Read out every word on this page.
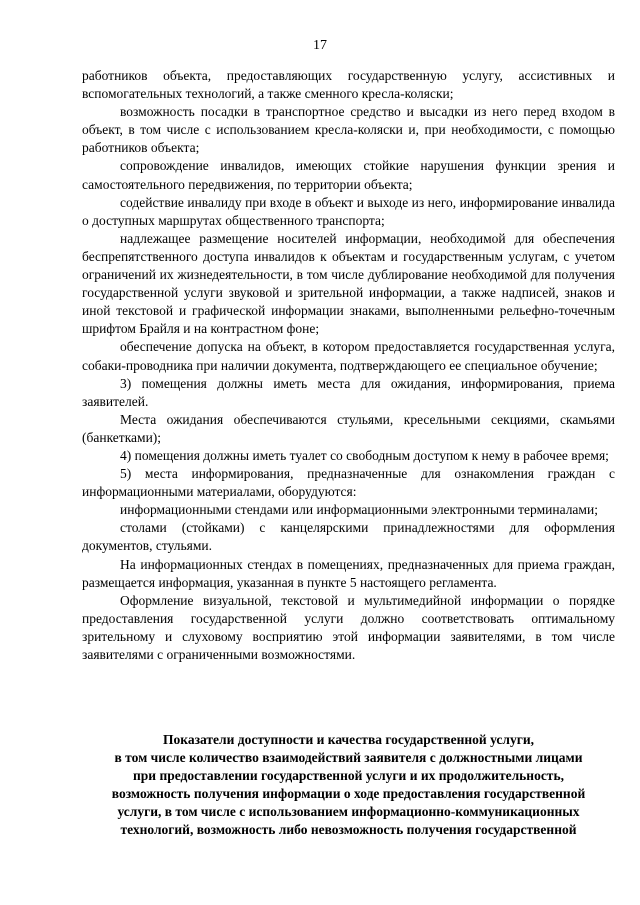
17

работников объекта, предоставляющих государственную услугу, ассистивных и вспомогательных технологий, а также сменного кресла-коляски;

возможность посадки в транспортное средство и высадки из него перед входом в объект, в том числе с использованием кресла-коляски и, при необходимости, с помощью работников объекта;

сопровождение инвалидов, имеющих стойкие нарушения функции зрения и самостоятельного передвижения, по территории объекта;

содействие инвалиду при входе в объект и выходе из него, информирование инвалида о доступных маршрутах общественного транспорта;

надлежащее размещение носителей информации, необходимой для обеспечения беспрепятственного доступа инвалидов к объектам и государственным услугам, с учетом ограничений их жизнедеятельности, в том числе дублирование необходимой для получения государственной услуги звуковой и зрительной информации, а также надписей, знаков и иной текстовой и графической информации знаками, выполненными рельефно-точечным шрифтом Брайля и на контрастном фоне;

обеспечение допуска на объект, в котором предоставляется государственная услуга, собаки-проводника при наличии документа, подтверждающего ее специальное обучение;

3) помещения должны иметь места для ожидания, информирования, приема заявителей.

Места ожидания обеспечиваются стульями, кресельными секциями, скамьями (банкетками);

4) помещения должны иметь туалет со свободным доступом к нему в рабочее время;

5) места информирования, предназначенные для ознакомления граждан с информационными материалами, оборудуются:

информационными стендами или информационными электронными терминалами;

столами (стойками) с канцелярскими принадлежностями для оформления документов, стульями.

На информационных стендах в помещениях, предназначенных для приема граждан, размещается информация, указанная в пункте 5 настоящего регламента.

Оформление визуальной, текстовой и мультимедийной информации о порядке предоставления государственной услуги должно соответствовать оптимальному зрительному и слуховому восприятию этой информации заявителями, в том числе заявителями с ограниченными возможностями.

Показатели доступности и качества государственной услуги,
в том числе количество взаимодействий заявителя с должностными лицами
при предоставлении государственной услуги и их продолжительность,
возможность получения информации о ходе предоставления государственной
услуги, в том числе с использованием информационно-коммуникационных
технологий, возможность либо невозможность получения государственной
